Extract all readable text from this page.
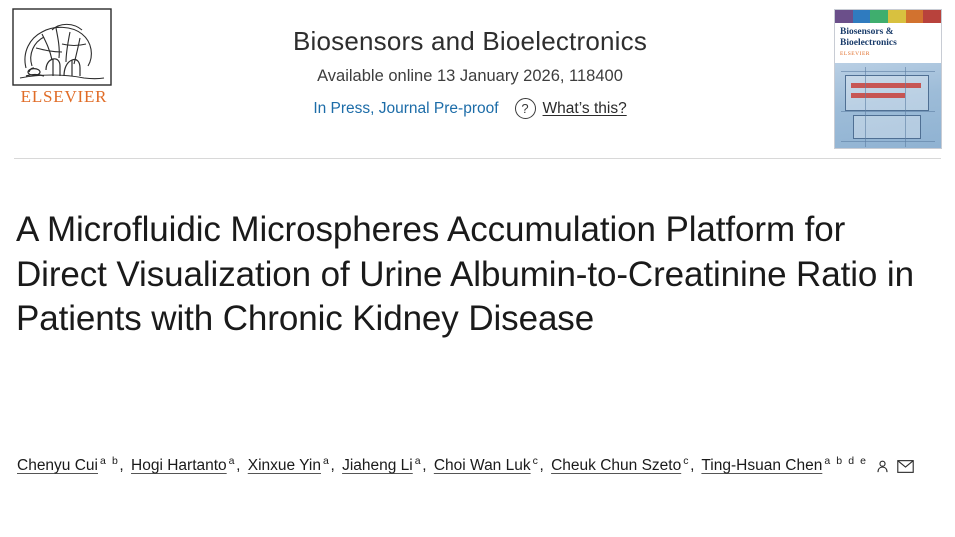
ELSEVIER
Biosensors and Bioelectronics
Available online 13 January 2026, 118400
In Press, Journal Pre-proof	? What’s this?
Biosensors &
Bioelectronics
ELSEVIER
A Microfluidic Microspheres Accumulation Platform for Direct Visualization of Urine Albumin-to-Creatinine Ratio in Patients with Chronic Kidney Disease
Chenyu Cui $^{a b}$, Hogi Hartanto $^a$, Xinxue Yin $^a$, Jiaheng Li $^a$, Choi Wan Luk $^c$, Cheuk Chun Szeto $^c$, Ting-Hsuan Chen $^{a b d e}$
